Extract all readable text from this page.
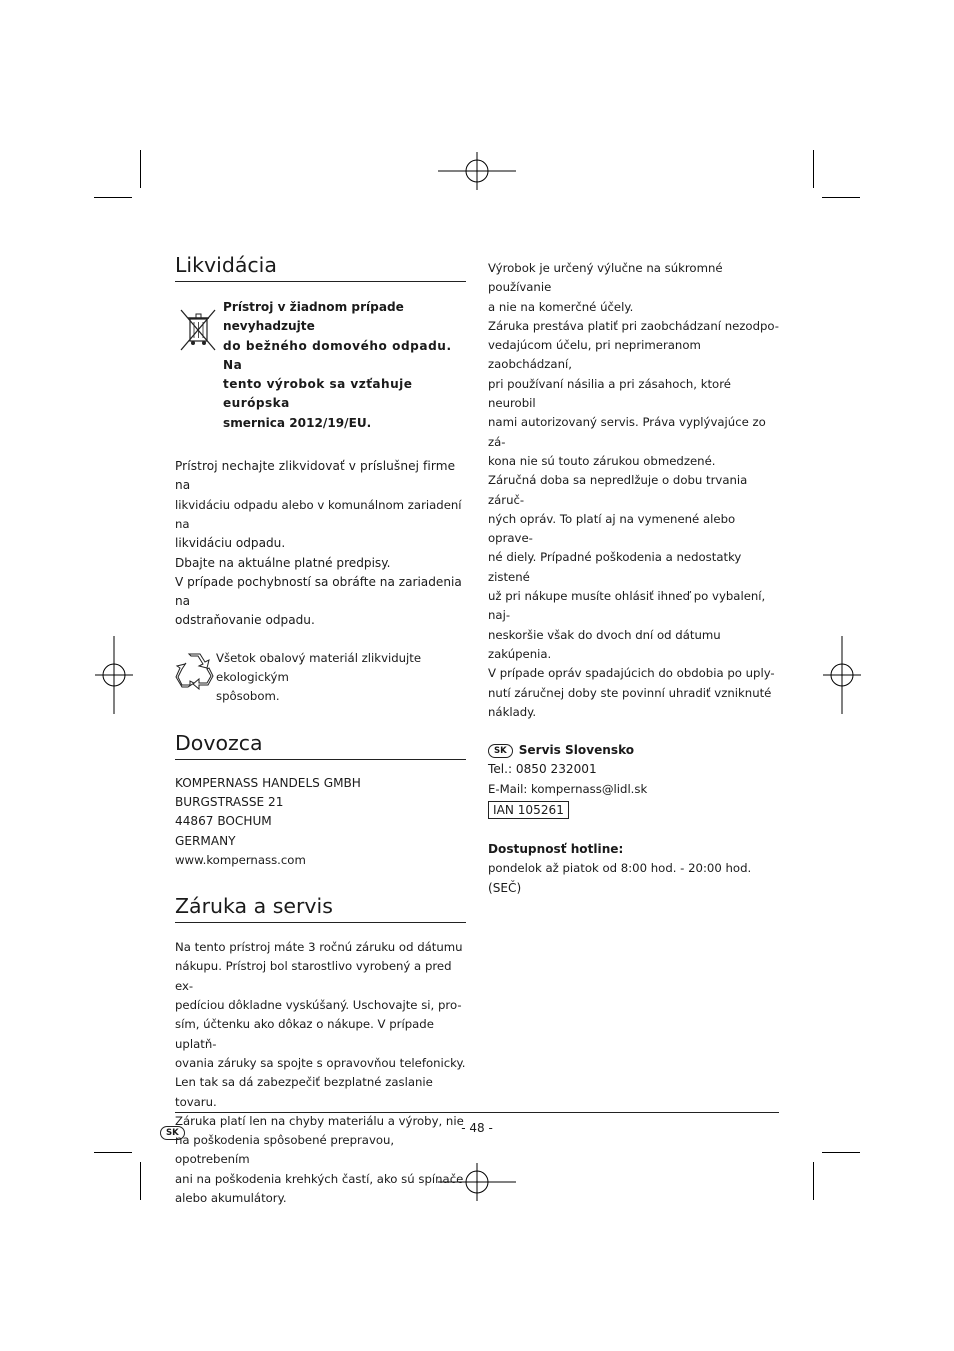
Likvidácia
Prístroj v žiadnom prípade nevyhadzujte
do bežného domového odpadu. Na
tento výrobok sa vzťahuje európska
smernica 2012/19/EU.

Prístroj nechajte zlikvidovať v príslušnej firme na

likvidáciu odpadu alebo v komunálnom zariadení na

likvidáciu odpadu.

Dbajte na aktuálne platné predpisy.

V prípade pochybností sa obráfte na zariadenia na

odstraňovanie odpadu.

Všetok obalový materiál zlikvidujte ekologickým

spôsobom.

Dovozca

KOMPERNASS HANDELS GMBH

BURGSTRASSE 21

44867 BOCHUM

GERMANY

www.kompernass.com

Záruka a servis

Na tento prístroj máte 3 ročnú záruku od dátumu

nákupu. Prístroj bol starostlivo vyrobený a pred ex-

pedíciou dôkladne vyskúšaný. Uschovajte si, pro-

sím, účtenku ako dôkaz o nákupe. V prípade uplatň-

ovania záruky sa spojte s opravovňou telefonicky.

Len tak sa dá zabezpečiť bezplatné zaslanie tovaru.

Záruka platí len na chyby materiálu a výroby, nie

na poškodenia spôsobené prepravou, opotrebením

ani na poškodenia krehkých častí, ako sú spínače

alebo akumulátory.

Výrobok je určený výlučne na súkromné používanie

a nie na komerčné účely.

Záruka prestáva platiť pri zaobchádzaní nezodpo-

vedajúcom účelu, pri neprimeranom zaobchádzaní,

pri používaní násilia a pri zásahoch, ktoré neurobil

nami autorizovaný servis. Práva vyplývajúce zo zá-

kona nie sú touto zárukou obmedzené.

Záručná doba sa nepredlžuje o dobu trvania záruč-

ných opráv. To platí aj na vymenené alebo oprave-

né diely. Prípadné poškodenia a nedostatky zistené

už pri nákupe musíte ohlásiť ihneď po vybalení, naj-

neskoršie však do dvoch dní od dátumu zakúpenia.

V prípade opráv spadajúcich do obdobia po uply-

nutí záručnej doby ste povinní uhradiť vzniknuté

náklady.

SK Servis Slovensko

Tel.: 0850 232001

E-Mail: kompernass@lidl.sk

IAN 105261

Dostupnosť hotline:

pondelok až piatok od 8:00 hod. - 20:00 hod.

(SEČ)

SK	- 48 -
